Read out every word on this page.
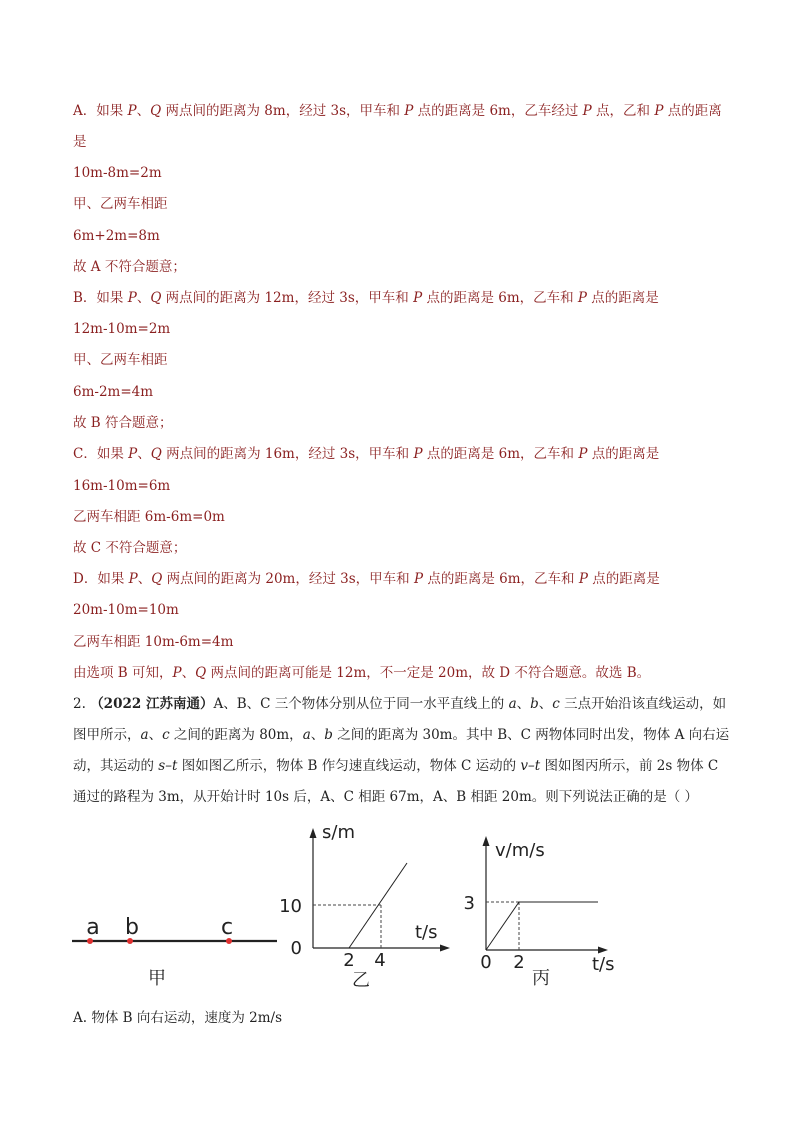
A．如果 P、Q 两点间的距离为 8m，经过 3s，甲车和 P 点的距离是 6m，乙车经过 P 点，乙和 P 点的距离
是
10m-8m=2m
甲、乙两车相距
6m+2m=8m
故 A 不符合题意；
B．如果 P、Q 两点间的距离为 12m，经过 3s，甲车和 P 点的距离是 6m，乙车和 P 点的距离是
12m-10m=2m
甲、乙两车相距
6m-2m=4m
故 B 符合题意；
C．如果 P、Q 两点间的距离为 16m，经过 3s，甲车和 P 点的距离是 6m，乙车和 P 点的距离是
16m-10m=6m
乙两车相距 6m-6m=0m
故 C 不符合题意；
D．如果 P、Q 两点间的距离为 20m，经过 3s，甲车和 P 点的距离是 6m，乙车和 P 点的距离是
20m-10m=10m
乙两车相距 10m-6m=4m
由选项 B 可知，P、Q 两点间的距离可能是 12m，不一定是 20m，故 D 不符合题意。故选 B。
2. （2022 江苏南通）A、B、C 三个物体分别从位于同一水平直线上的 a、b、c 三点开始沿该直线运动，如
图甲所示，a、c 之间的距离为 80m，a、b 之间的距离为 30m。其中 B、C 两物体同时出发，物体 A 向右运
动，其运动的 s–t 图如图乙所示，物体 B 作匀速直线运动，物体 C 运动的 v–t 图如图丙所示，前 2s 物体 C
通过的路程为 3m，从开始计时 10s 后，A、C 相距 67m，A、B 相距 20m。则下列说法正确的是（ ）
a b	c
甲
s/m
t/s
10
0
2 4
乙
v/m/s
t/s
3
0 2
丙
A. 物体 B 向右运动，速度为 2m/s
